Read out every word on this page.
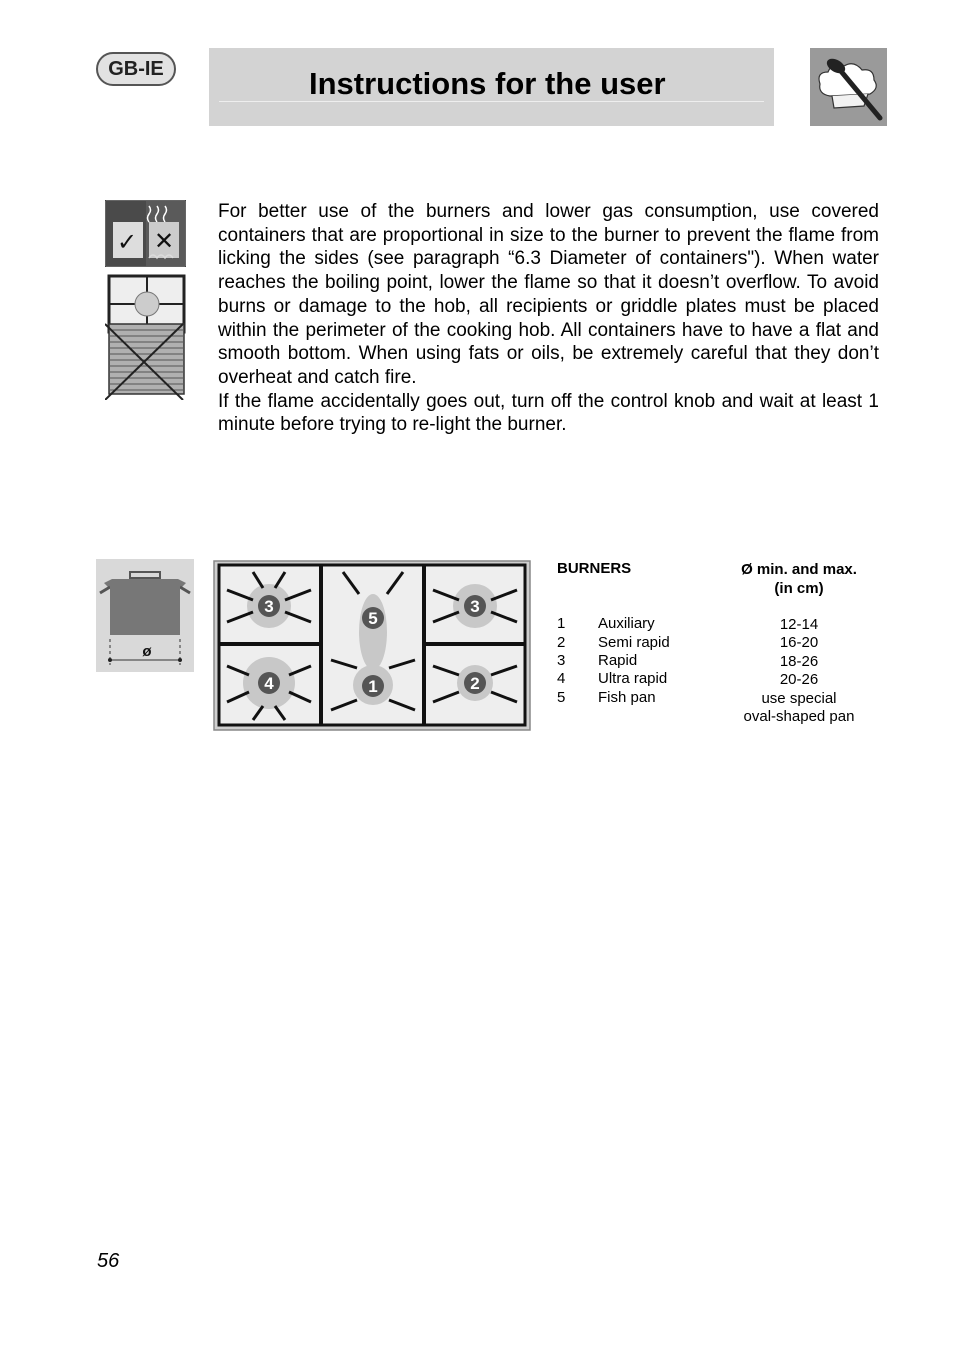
GB-IE	Instructions for the user
✓ ✕

For better use of the burners and lower gas consumption, use covered containers that are proportional in size to the burner to prevent the flame from licking the sides (see paragraph “6.3 Diameter of containers"). When water reaches the boiling point, lower the flame so that it doesn’t overflow. To avoid burns or damage to the hob, all recipients or griddle plates must be placed within the perimeter of the cooking hob. All containers have to have a flat and smooth bottom. When using fats or oils, be extremely careful that they don’t overheat and catch fire.

If the flame accidentally goes out, turn off the control knob and wait at least 1 minute before trying to re-light the burner.

ø
3
5
3
4	1	2
BURNERS	Ø min. and max.
(in cm)
1 Auxiliary	12-14
2 Semi rapid	16-20
3 Rapid	18-26
4 Ultra rapid	20-26
5 Fish pan	use special
oval-shaped pan
56
